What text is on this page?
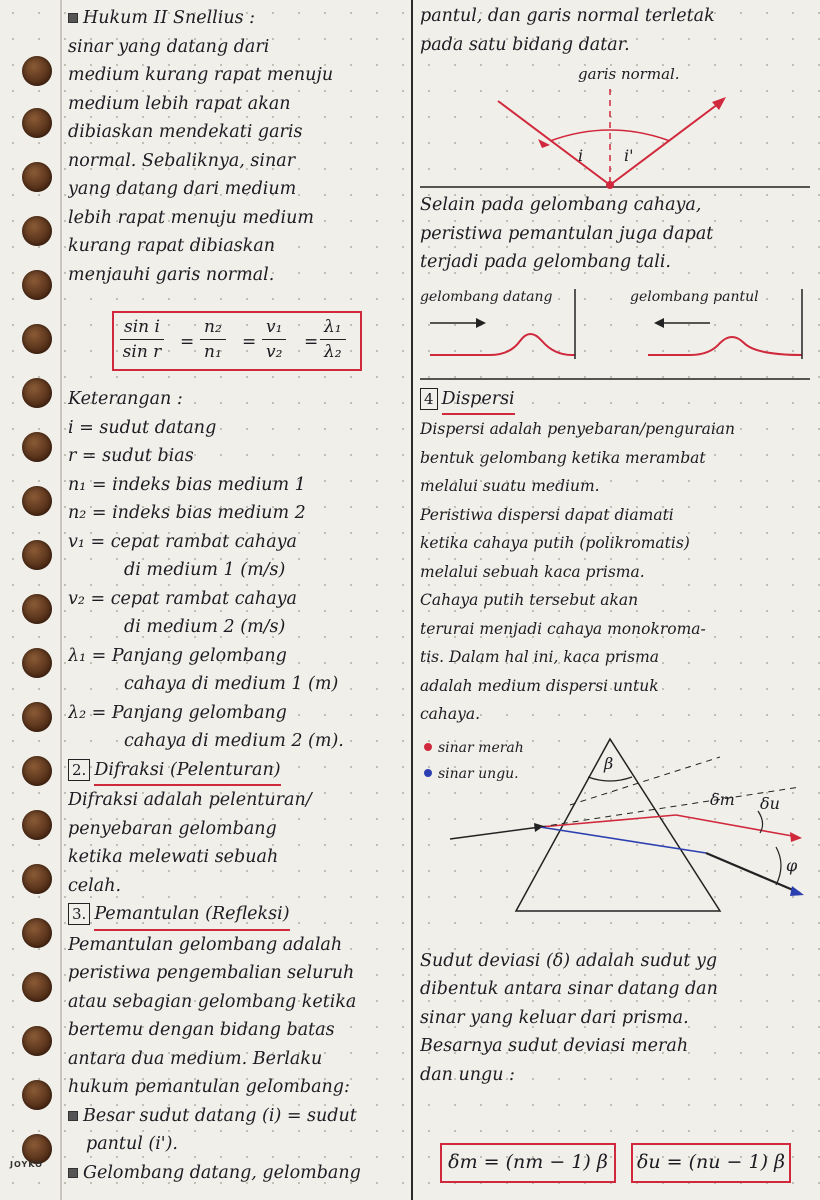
Hukum II Snellius :
sinar yang datang dari
medium kurang rapat menuju
medium lebih rapat akan
dibiaskan mendekati garis
normal. Sebaliknya, sinar
yang datang dari medium
lebih rapat menuju medium
kurang rapat dibiaskan
menjauhi garis normal.
$\frac{\text{sin i}}{\text{sin r}} = \frac{\text{n₂}}{\text{n₁}} = \frac{\text{v₁}}{\text{v₂}} = \frac{\text{λ₁}}{\text{λ₂}}$
Keterangan :
i = sudut datang
r = sudut bias
n₁ = indeks bias medium 1
n₂ = indeks bias medium 2
v₁ = cepat rambat cahaya
di medium 1 (m/s)
v₂ = cepat rambat cahaya
di medium 2 (m/s)
λ₁ = Panjang gelombang
cahaya di medium 1 (m)
λ₂ = Panjang gelombang
cahaya di medium 2 (m).
2. Difraksi (Pelenturan)
Difraksi adalah pelenturan/
penyebaran gelombang
ketika melewati sebuah
celah.
3. Pemantulan (Refleksi)
Pemantulan gelombang adalah
peristiwa pengembalian seluruh
atau sebagian gelombang ketika
bertemu dengan bidang batas
antara dua medium. Berlaku
hukum pemantulan gelombang:
Besar sudut datang (i) = sudut
pantul (i').
Gelombang datang, gelombang
pantul, dan garis normal terletak
pada satu bidang datar.
garis normal.
i	i'
Selain pada gelombang cahaya,
peristiwa pemantulan juga dapat
terjadi pada gelombang tali.
gelombang datang	gelombang pantul
4 Dispersi
Dispersi adalah penyebaran/penguraian
bentuk gelombang ketika merambat
melalui suatu medium.
Peristiwa dispersi dapat diamati
ketika cahaya putih (polikromatis)
melalui sebuah kaca prisma.
Cahaya putih tersebut akan
terurai menjadi cahaya monokroma-
tis. Dalam hal ini, kaca prisma
adalah medium dispersi untuk
cahaya.
sinar merah
sinar ungu.
β
δm δu
φ
Sudut deviasi (δ) adalah sudut yg
dibentuk antara sinar datang dan
sinar yang keluar dari prisma.
Besarnya sudut deviasi merah
dan ungu :
δm = (nm − 1) β	δu = (nu − 1) β
JOYKO
